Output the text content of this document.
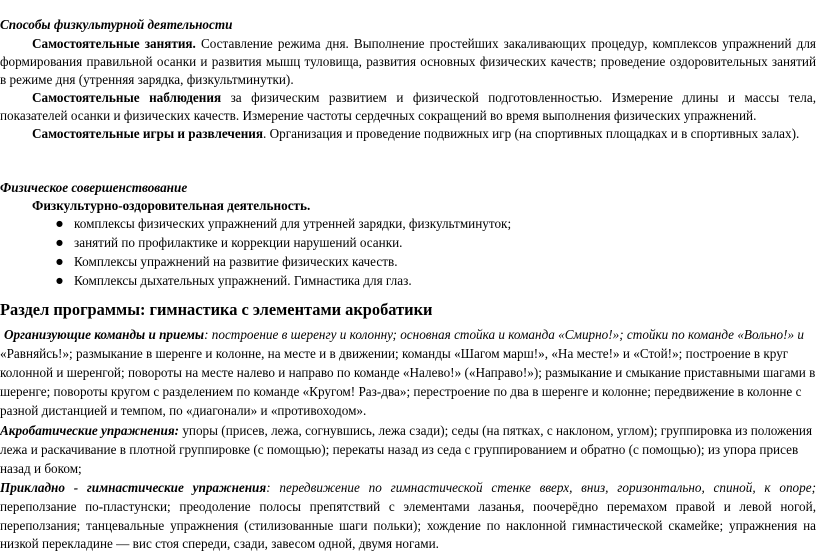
Способы физкультурной деятельности
Самостоятельные занятия. Составление режима дня. Выполнение простейших закаливающих процедур, комплексов упражнений для
формирования правильной осанки и развития мышц туловища, развития основных физических качеств; проведение оздоровительных занятий
в режиме дня (утренняя зарядка, физкультминутки).
Самостоятельные наблюдения за физическим развитием и физической подготовленностью. Измерение длины и массы тела,
показателей осанки и физических качеств. Измерение частоты сердечных сокращений во время выполнения физических упражнений.
Самостоятельные игры и развлечения. Организация и проведение подвижных игр (на спортивных площадках и в спортивных залах).
Физическое совершенствование
Физкультурно-оздоровительная деятельность.
● комплексы физических упражнений для утренней зарядки, физкультминуток;
● занятий по профилактике и коррекции нарушений осанки.
● Комплексы упражнений на развитие физических качеств.
● Комплексы дыхательных упражнений. Гимнастика для глаз.
Раздел программы: гимнастика с элементами акробатики
Организующие команды и приемы: построение в шеренгу и колонну; основная стойка и команда «Смирно!»; стойки по команде «Вольно!» и
«Равняйсь!»; размыкание в шеренге и колонне, на месте и в движении; команды «Шагом марш!», «На месте!» и «Стой!»; построение в круг
колонной и шеренгой; повороты на месте налево и направо по команде «Налево!» («Направо!»); размыкание и смыкание приставными шагами в
шеренге; повороты кругом с разделением по команде «Кругом! Раз-два»; перестроение по два в шеренге и колонне; передвижение в колонне с
разной дистанцией и темпом, по «диагонали» и «противоходом».
Акробатические упражнения: упоры (присев, лежа, согнувшись, лежа сзади); седы (на пятках, с наклоном, углом); группировка из положения
лежа и раскачивание в плотной группировке (с помощью); перекаты назад из седа с группированием и обратно (с помощью); из упора присев
назад и боком;
Прикладно - гимнастические упражнения: передвижение по гимнастической стенке вверх, вниз, горизонтально, спиной, к опоре;
переползание по-пластунски; преодоление полосы препятствий с элементами лазанья, поочерёдно перемахом правой и левой ногой,
переползания; танцевальные упражнения (стилизованные шаги польки); хождение по наклонной гимнастической скамейке; упражнения на
низкой перекладине — вис стоя спереди, сзади, завесом одной, двумя ногами.
